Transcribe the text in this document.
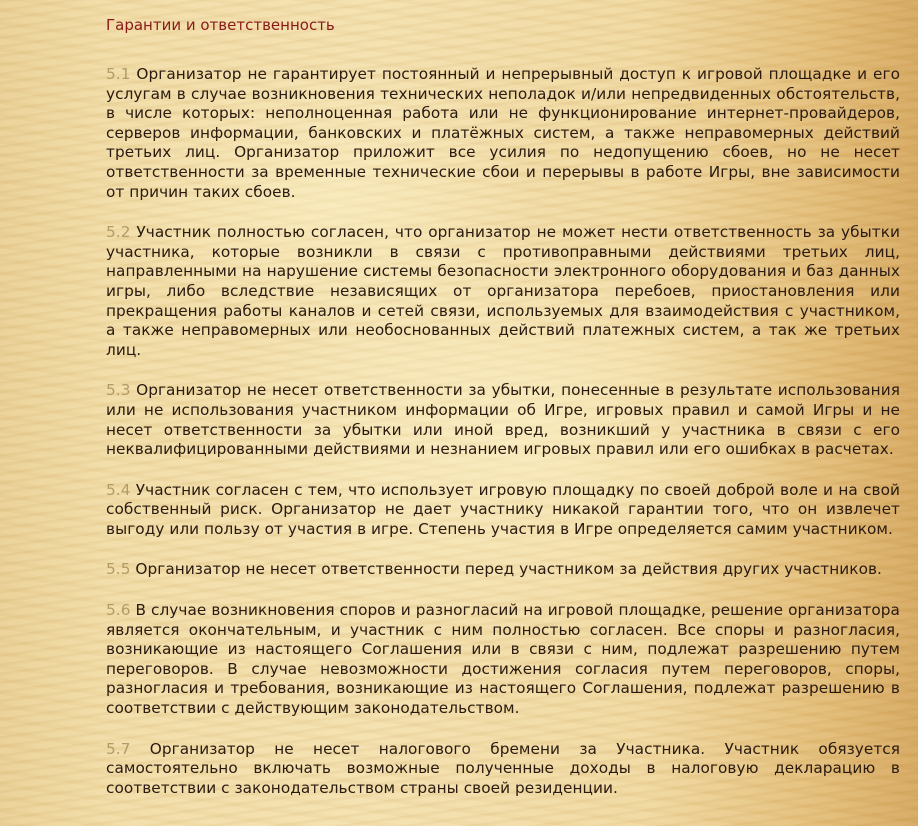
Гарантии и ответственность

5.1 Организатор не гарантирует постоянный и непрерывный доступ к игровой площадке и его услугам в случае возникновения технических неполадок и/или непредвиденных обстоятельств, в числе которых: неполноценная работа или не функционирование интернет-провайдеров, серверов информации, банковских и платёжных систем, а также неправомерных действий третьих лиц. Организатор приложит все усилия по недопущению сбоев, но не несет ответственности за временные технические сбои и перерывы в работе Игры, вне зависимости от причин таких сбоев.

5.2 Участник полностью согласен, что организатор не может нести ответственность за убытки участника, которые возникли в связи с противоправными действиями третьих лиц, направленными на нарушение системы безопасности электронного оборудования и баз данных игры, либо вследствие независящих от организатора перебоев, приостановления или прекращения работы каналов и сетей связи, используемых для взаимодействия с участником, а также неправомерных или необоснованных действий платежных систем, а так же третьих лиц.

5.3 Организатор не несет ответственности за убытки, понесенные в результате использования или не использования участником информации об Игре, игровых правил и самой Игры и не несет ответственности за убытки или иной вред, возникший у участника в связи с его неквалифицированными действиями и незнанием игровых правил или его ошибках в расчетах.

5.4 Участник согласен с тем, что использует игровую площадку по своей доброй воле и на свой собственный риск. Организатор не дает участнику никакой гарантии того, что он извлечет выгоду или пользу от участия в игре. Степень участия в Игре определяется самим участником.

5.5 Организатор не несет ответственности перед участником за действия других участников.

5.6 В случае возникновения споров и разногласий на игровой площадке, решение организатора является окончательным, и участник с ним полностью согласен. Все споры и разногласия, возникающие из настоящего Соглашения или в связи с ним, подлежат разрешению путем переговоров. В случае невозможности достижения согласия путем переговоров, споры, разногласия и требования, возникающие из настоящего Соглашения, подлежат разрешению в соответствии с действующим законодательством.

5.7 Организатор не несет налогового бремени за Участника. Участник обязуется самостоятельно включать возможные полученные доходы в налоговую декларацию в соответствии с законодательством страны своей резиденции.
